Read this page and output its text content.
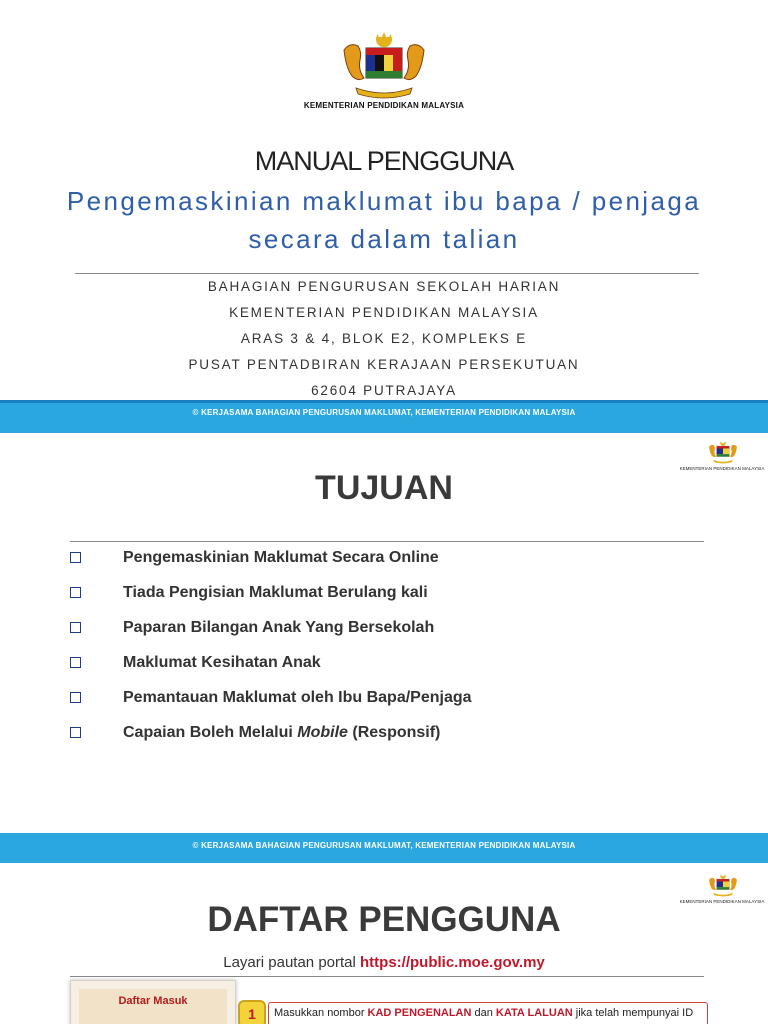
KEMENTERIAN PENDIDIKAN MALAYSIA
MANUAL PENGGUNA
Pengemaskinian maklumat ibu bapa / penjaga
secara dalam talian
BAHAGIAN PENGURUSAN SEKOLAH HARIAN
KEMENTERIAN PENDIDIKAN MALAYSIA
ARAS 3 & 4, BLOK E2, KOMPLEKS E
PUSAT PENTADBIRAN KERAJAAN PERSEKUTUAN
62604 PUTRAJAYA
© KERJASAMA BAHAGIAN PENGURUSAN MAKLUMAT, KEMENTERIAN PENDIDIKAN MALAYSIA
KEMENTERIAN PENDIDIKAN MALAYSIA
TUJUAN
Pengemaskinian Maklumat Secara Online
Tiada Pengisian Maklumat Berulang kali
Paparan Bilangan Anak Yang Bersekolah
Maklumat Kesihatan Anak
Pemantauan Maklumat oleh Ibu Bapa/Penjaga
Capaian Boleh Melalui Mobile (Responsif)
© KERJASAMA BAHAGIAN PENGURUSAN MAKLUMAT, KEMENTERIAN PENDIDIKAN MALAYSIA
KEMENTERIAN PENDIDIKAN MALAYSIA
DAFTAR PENGGUNA
Layari pautan portal https://public.moe.gov.my
Daftar Masuk
1	Masukkan nombor KAD PENGENALAN dan KATA LALUAN jika telah mempunyai ID
